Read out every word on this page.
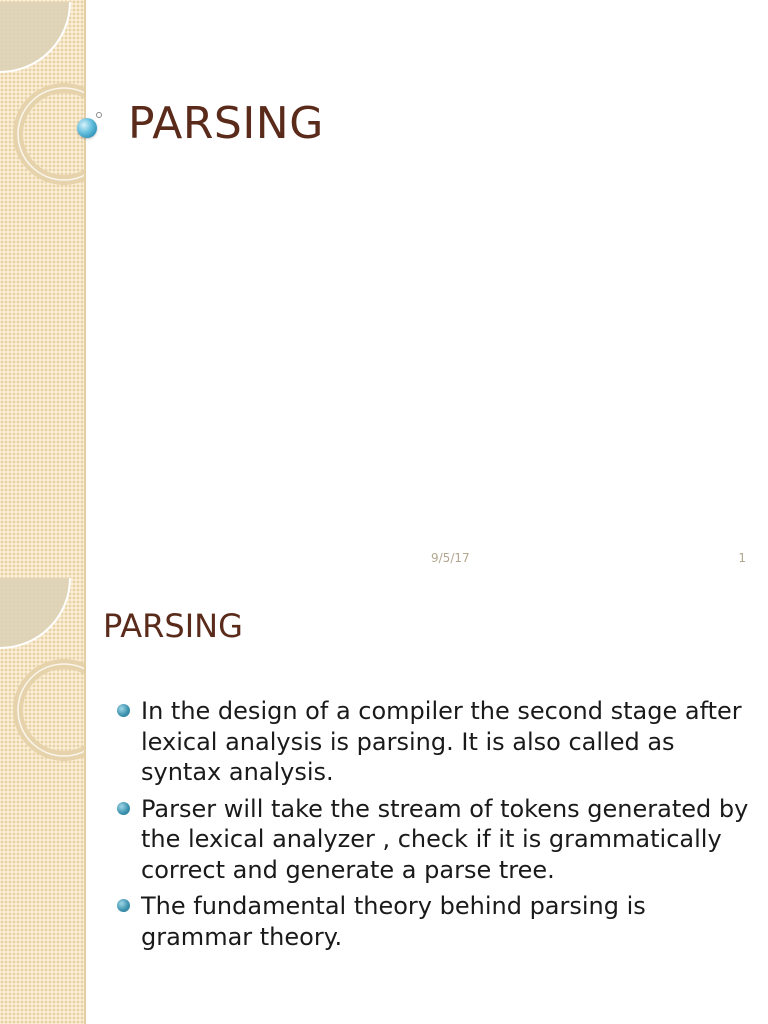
PARSING
9/5/17	1
PARSING
In the design of a compiler the second stage after lexical analysis is parsing. It is also called as syntax analysis.
Parser will take the stream of tokens generated by the lexical analyzer , check if it is grammatically correct and generate a parse tree.
The fundamental theory behind parsing is grammar theory.
